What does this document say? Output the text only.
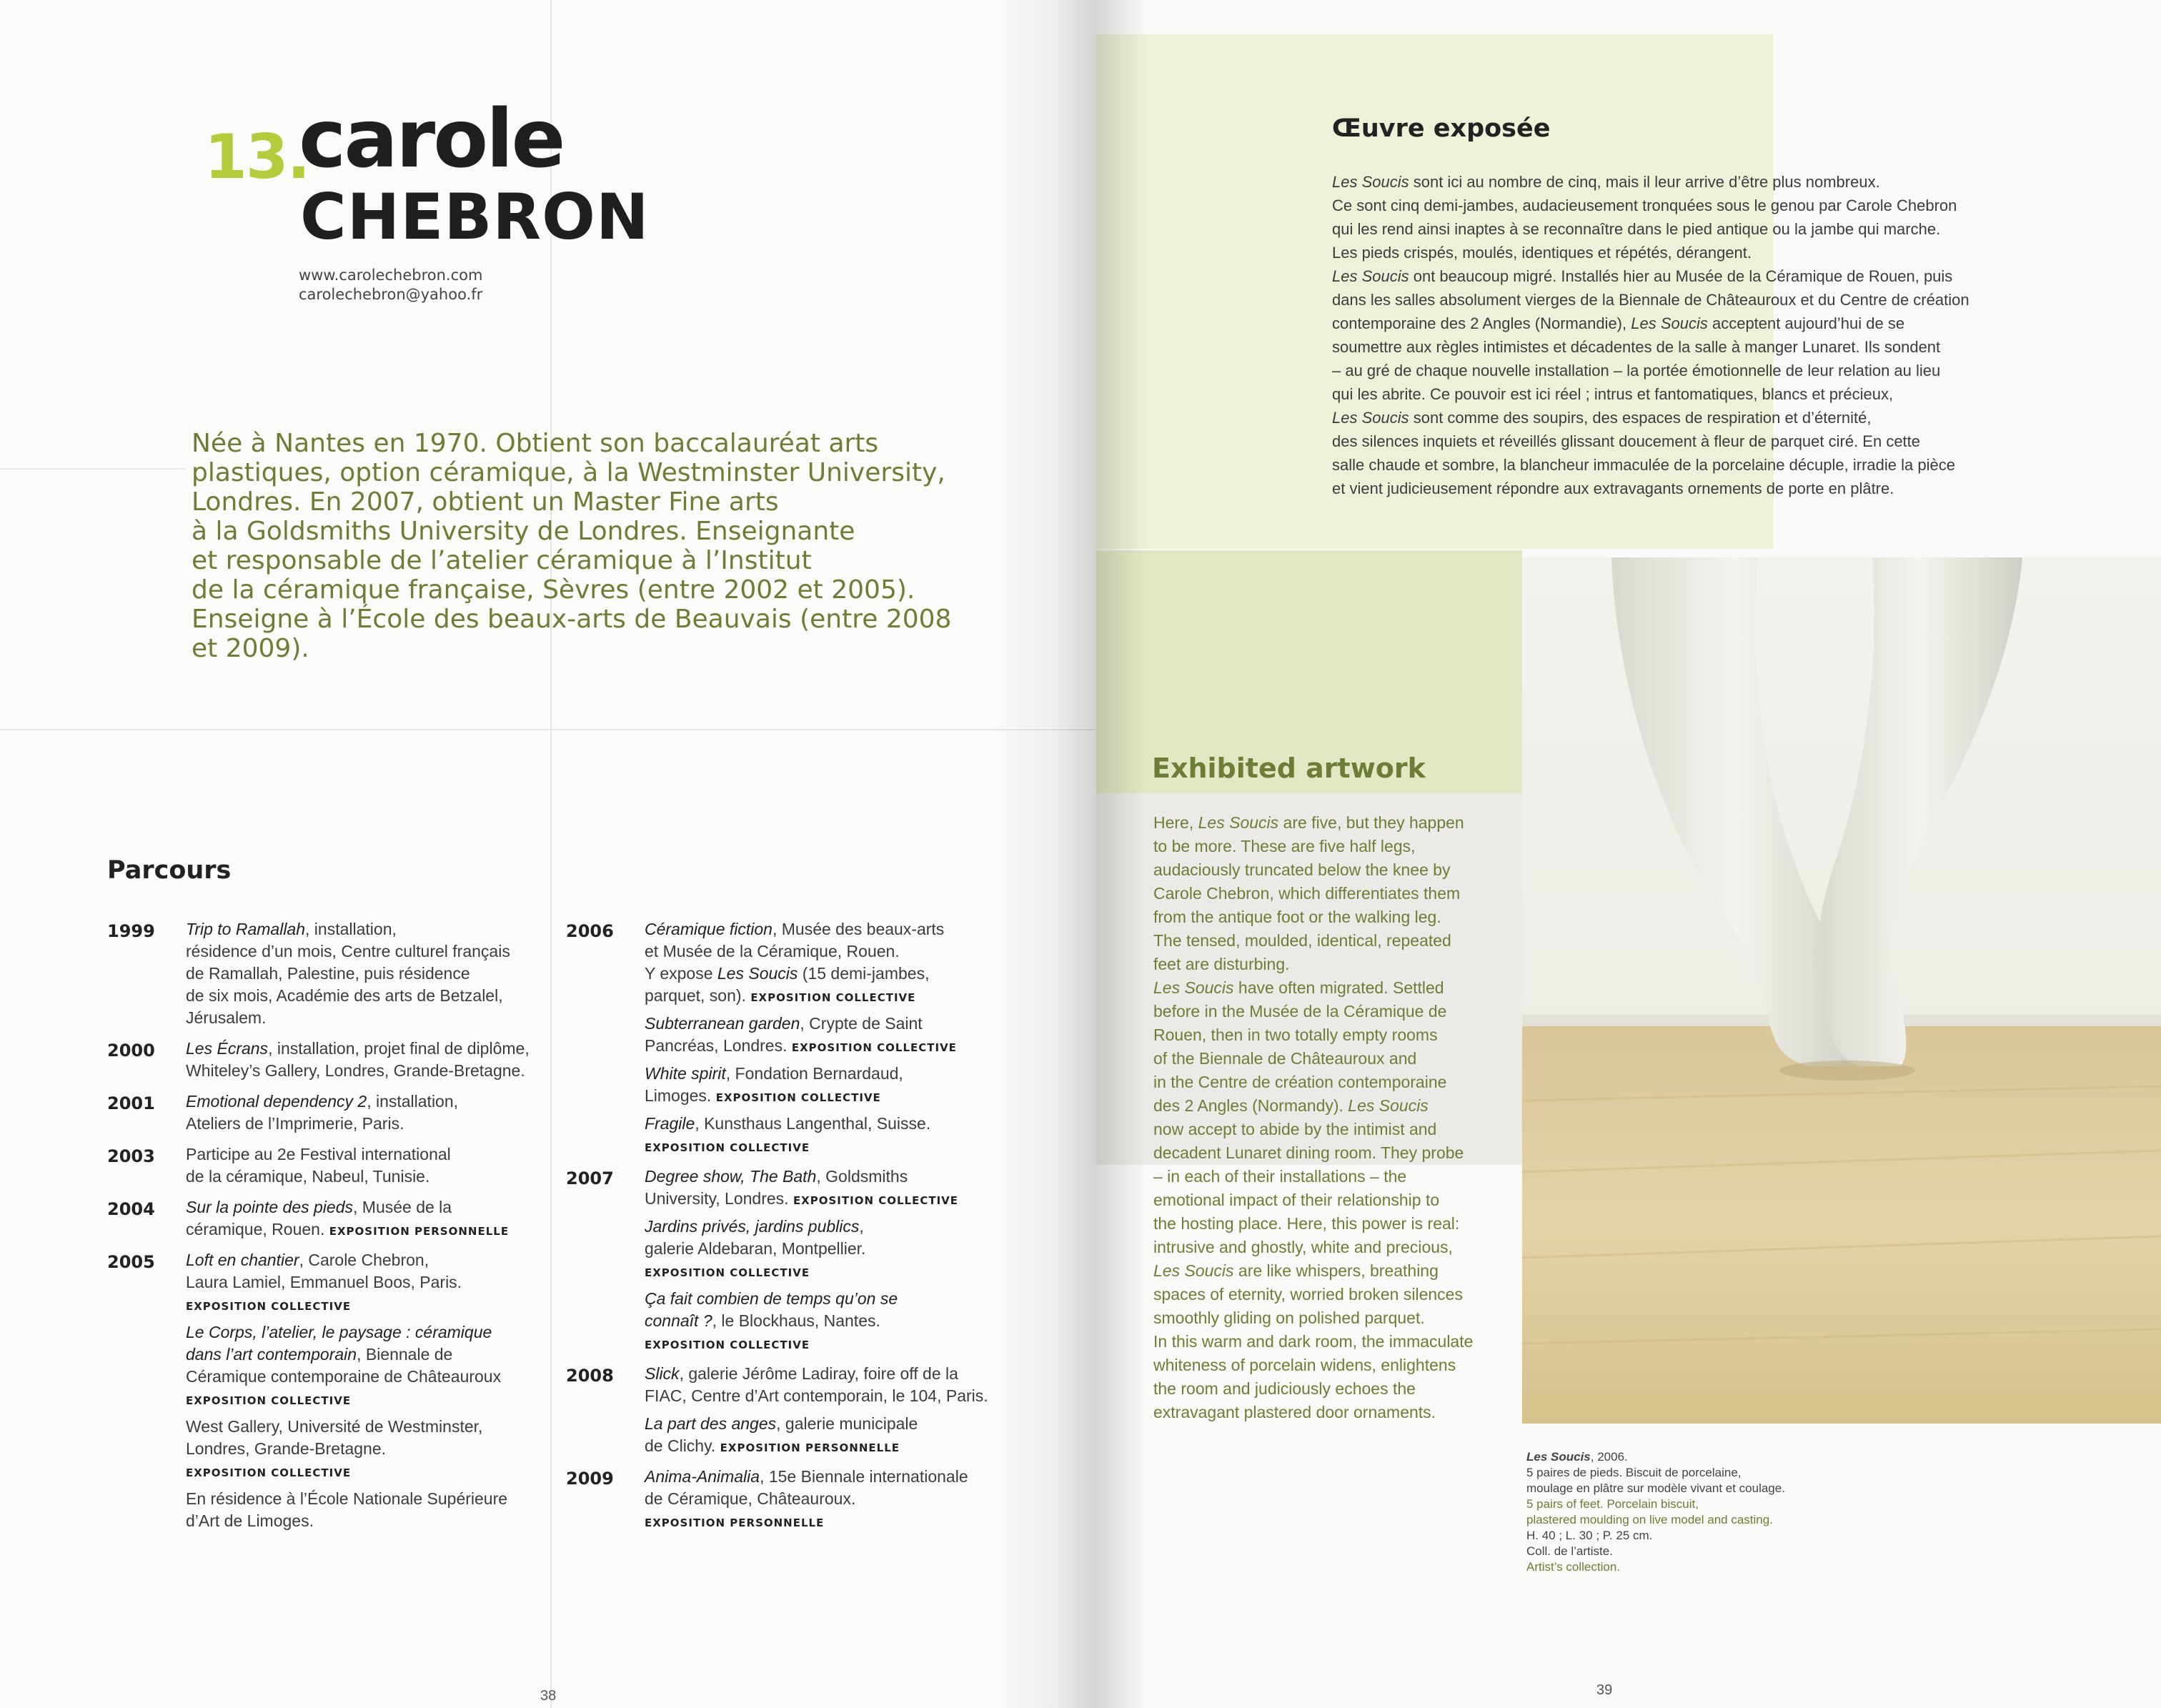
13.
carole
CHEBRON
www.carolechebron.com
carolechebron@yahoo.fr
Née à Nantes en 1970. Obtient son baccalauréat arts
plastiques, option céramique, à la Westminster University,
Londres. En 2007, obtient un Master Fine arts
à la Goldsmiths University de Londres. Enseignante
et responsable de l’atelier céramique à l’Institut
de la céramique française, Sèvres (entre 2002 et 2005).
Enseigne à l’École des beaux-arts de Beauvais (entre 2008
et 2009).
Parcours
1999 Trip to Ramallah, installation,
résidence d’un mois, Centre culturel français
de Ramallah, Palestine, puis résidence
de six mois, Académie des arts de Betzalel,
Jérusalem.
2000 Les Écrans, installation, projet final de diplôme,
Whiteley’s Gallery, Londres, Grande-Bretagne.
2001 Emotional dependency 2, installation,
Ateliers de l’Imprimerie, Paris.
2003 Participe au 2e Festival international
de la céramique, Nabeul, Tunisie.
2004 Sur la pointe des pieds, Musée de la
céramique, Rouen. EXPOSITION PERSONNELLE
2005 Loft en chantier, Carole Chebron,
Laura Lamiel, Emmanuel Boos, Paris.
EXPOSITION COLLECTIVE
Le Corps, l’atelier, le paysage : céramique
dans l’art contemporain, Biennale de
Céramique contemporaine de Châteauroux
EXPOSITION COLLECTIVE
West Gallery, Université de Westminster,
Londres, Grande-Bretagne.
EXPOSITION COLLECTIVE
En résidence à l’École Nationale Supérieure
d’Art de Limoges.
2006 Céramique fiction, Musée des beaux-arts
et Musée de la Céramique, Rouen.
Y expose Les Soucis (15 demi-jambes,
parquet, son). EXPOSITION COLLECTIVE
Subterranean garden, Crypte de Saint
Pancréas, Londres. EXPOSITION COLLECTIVE
White spirit, Fondation Bernardaud,
Limoges. EXPOSITION COLLECTIVE
Fragile, Kunsthaus Langenthal, Suisse.
EXPOSITION COLLECTIVE
2007 Degree show, The Bath, Goldsmiths
University, Londres. EXPOSITION COLLECTIVE
Jardins privés, jardins publics,
galerie Aldebaran, Montpellier.
EXPOSITION COLLECTIVE
Ça fait combien de temps qu’on se
connaît ?, le Blockhaus, Nantes.
EXPOSITION COLLECTIVE
2008 Slick, galerie Jérôme Ladiray, foire off de la
FIAC, Centre d’Art contemporain, le 104, Paris.
La part des anges, galerie municipale
de Clichy. EXPOSITION PERSONNELLE
2009 Anima-Animalia, 15e Biennale internationale
de Céramique, Châteauroux.
EXPOSITION PERSONNELLE
38
Œuvre exposée
Les Soucis sont ici au nombre de cinq, mais il leur arrive d’être plus nombreux.
Ce sont cinq demi-jambes, audacieusement tronquées sous le genou par Carole Chebron
qui les rend ainsi inaptes à se reconnaître dans le pied antique ou la jambe qui marche.
Les pieds crispés, moulés, identiques et répétés, dérangent.
Les Soucis ont beaucoup migré. Installés hier au Musée de la Céramique de Rouen, puis
dans les salles absolument vierges de la Biennale de Châteauroux et du Centre de création
contemporaine des 2 Angles (Normandie), Les Soucis acceptent aujourd’hui de se
soumettre aux règles intimistes et décadentes de la salle à manger Lunaret. Ils sondent
– au gré de chaque nouvelle installation – la portée émotionnelle de leur relation au lieu
qui les abrite. Ce pouvoir est ici réel ; intrus et fantomatiques, blancs et précieux,
Les Soucis sont comme des soupirs, des espaces de respiration et d’éternité,
des silences inquiets et réveillés glissant doucement à fleur de parquet ciré. En cette
salle chaude et sombre, la blancheur immaculée de la porcelaine décuple, irradie la pièce
et vient judicieusement répondre aux extravagants ornements de porte en plâtre.
Exhibited artwork
Here, Les Soucis are five, but they happen
to be more. These are five half legs,
audaciously truncated below the knee by
Carole Chebron, which differentiates them
from the antique foot or the walking leg.
The tensed, moulded, identical, repeated
feet are disturbing.
Les Soucis have often migrated. Settled
before in the Musée de la Céramique de
Rouen, then in two totally empty rooms
of the Biennale de Châteauroux and
in the Centre de création contemporaine
des 2 Angles (Normandy). Les Soucis
now accept to abide by the intimist and
decadent Lunaret dining room. They probe
– in each of their installations – the
emotional impact of their relationship to
the hosting place. Here, this power is real:
intrusive and ghostly, white and precious,
Les Soucis are like whispers, breathing
spaces of eternity, worried broken silences
smoothly gliding on polished parquet.
In this warm and dark room, the immaculate
whiteness of porcelain widens, enlightens
the room and judiciously echoes the
extravagant plastered door ornaments.
Les Soucis, 2006.
5 paires de pieds. Biscuit de porcelaine,
moulage en plâtre sur modèle vivant et coulage.
5 pairs of feet. Porcelain biscuit,
plastered moulding on live model and casting.
H. 40 ; L. 30 ; P. 25 cm.
Coll. de l’artiste.
Artist’s collection.
39
